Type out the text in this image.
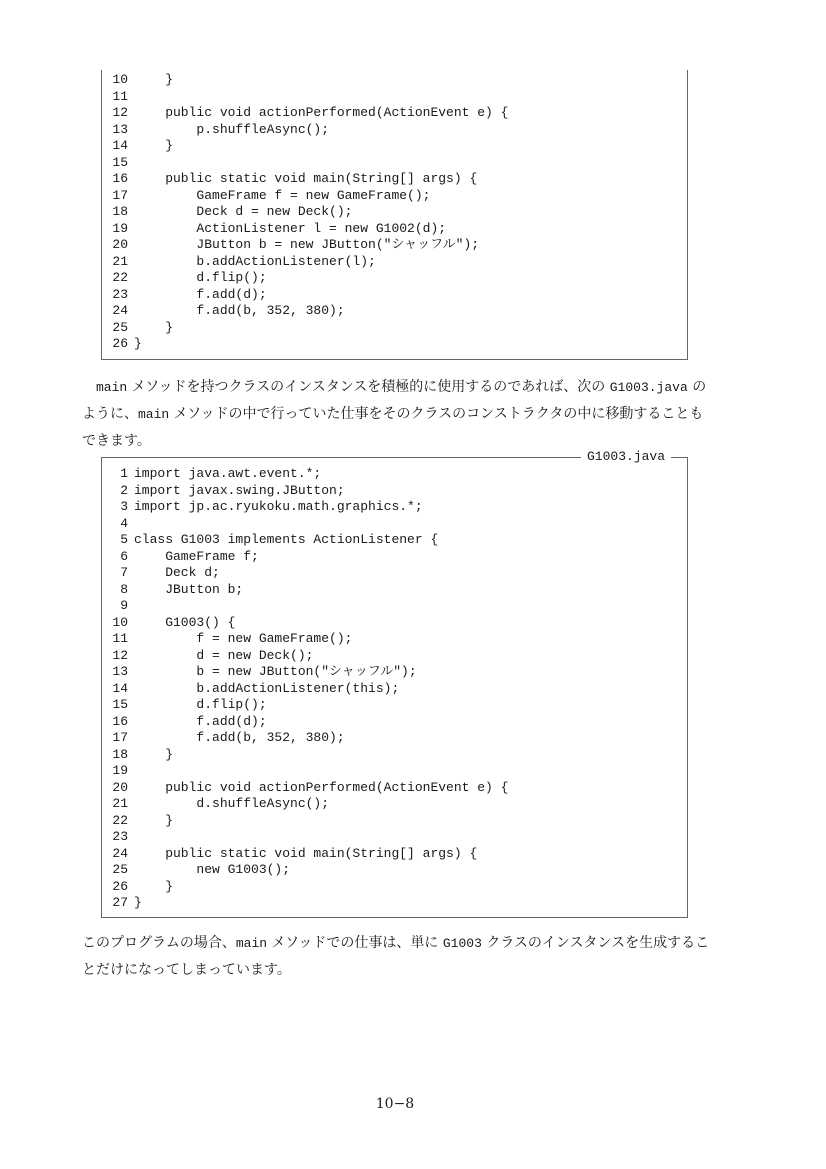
10 }
11
12 public void actionPerformed(ActionEvent e) {
13 p.shuffleAsync();
14 }
15
16 public static void main(String[] args) {
17 GameFrame f = new GameFrame();
18 Deck d = new Deck();
19 ActionListener l = new G1002(d);
20 JButton b = new JButton("シャッフル");
21 b.addActionListener(l);
22 d.flip();
23 f.add(d);
24 f.add(b, 352, 380);
25 }
26 }

main メソッドを持つクラスのインスタンスを積極的に使用するのであれば、次の G1003.java のように、main メソッドの中で行っていた仕事をそのクラスのコンストラクタの中に移動することもできます。

G1003.java
1 import java.awt.event.*;
2 import javax.swing.JButton;
3 import jp.ac.ryukoku.math.graphics.*;
4
5 class G1003 implements ActionListener {
6 GameFrame f;
7 Deck d;
8 JButton b;
9
10 G1003() {
11 f = new GameFrame();
12 d = new Deck();
13 b = new JButton("シャッフル");
14 b.addActionListener(this);
15 d.flip();
16 f.add(d);
17 f.add(b, 352, 380);
18 }
19
20 public void actionPerformed(ActionEvent e) {
21 d.shuffleAsync();
22 }
23
24 public static void main(String[] args) {
25 new G1003();
26 }
27 }

このプログラムの場合、main メソッドでの仕事は、単に G1003 クラスのインスタンスを生成することだけになってしまっています。

10−8
